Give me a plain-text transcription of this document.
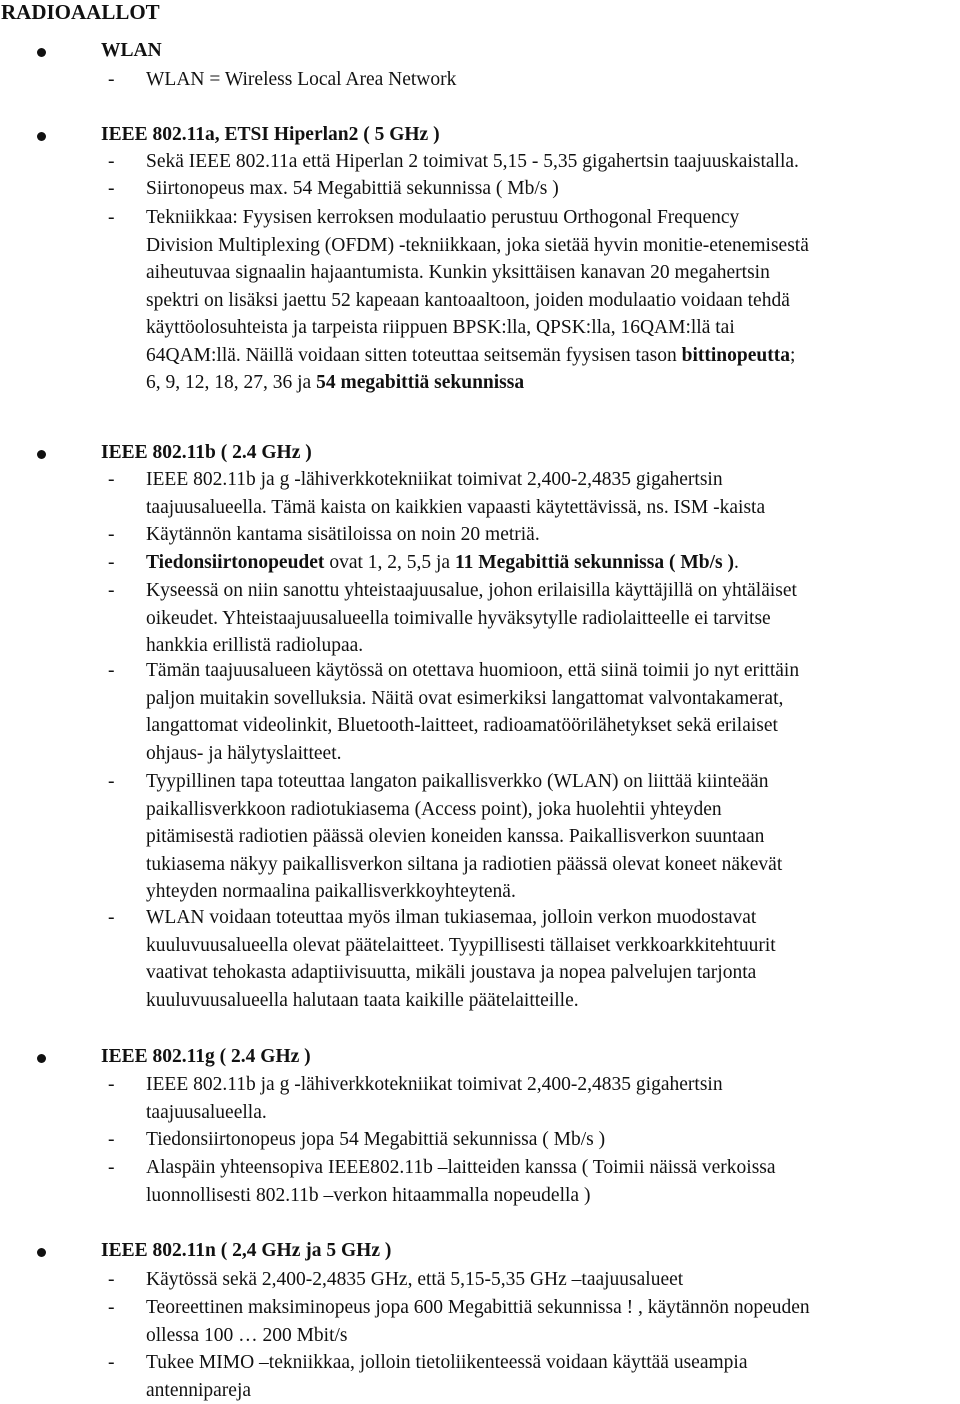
RADIOAALLOT
WLAN
- WLAN = Wireless Local Area Network
IEEE 802.11a, ETSI Hiperlan2 ( 5 GHz )
- Sekä IEEE 802.11a että Hiperlan 2 toimivat 5,15 - 5,35 gigahertsin taajuuskaistalla.
- Siirtonopeus max. 54 Megabittiä sekunnissa ( Mb/s )
- Tekniikkaa: Fyysisen kerroksen modulaatio perustuu Orthogonal Frequency
Division Multiplexing (OFDM) -tekniikkaan, joka sietää hyvin monitie-etenemisestä
aiheutuvaa signaalin hajaantumista. Kunkin yksittäisen kanavan 20 megahertsin
spektri on lisäksi jaettu 52 kapeaan kantoaaltoon, joiden modulaatio voidaan tehdä
käyttöolosuhteista ja tarpeista riippuen BPSK:lla, QPSK:lla, 16QAM:llä tai
64QAM:llä. Näillä voidaan sitten toteuttaa seitsemän fyysisen tason bittinopeutta;
6, 9, 12, 18, 27, 36 ja 54 megabittiä sekunnissa
IEEE 802.11b ( 2.4 GHz )
- IEEE 802.11b ja g -lähiverkkotekniikat toimivat 2,400-2,4835 gigahertsin
taajuusalueella. Tämä kaista on kaikkien vapaasti käytettävissä, ns. ISM -kaista
- Käytännön kantama sisätiloissa on noin 20 metriä.
- Tiedonsiirtonopeudet ovat 1, 2, 5,5 ja 11 Megabittiä sekunnissa ( Mb/s ).
- Kyseessä on niin sanottu yhteistaajuusalue, johon erilaisilla käyttäjillä on yhtäläiset
oikeudet. Yhteistaajuusalueella toimivalle hyväksytylle radiolaitteelle ei tarvitse
hankkia erillistä radiolupaa.
- Tämän taajuusalueen käytössä on otettava huomioon, että siinä toimii jo nyt erittäin
paljon muitakin sovelluksia. Näitä ovat esimerkiksi langattomat valvontakamerat,
langattomat videolinkit, Bluetooth-laitteet, radioamatöörilähetykset sekä erilaiset
ohjaus- ja hälytyslaitteet.
- Tyypillinen tapa toteuttaa langaton paikallisverkko (WLAN) on liittää kiinteään
paikallisverkkoon radiotukiasema (Access point), joka huolehtii yhteyden
pitämisestä radiotien päässä olevien koneiden kanssa. Paikallisverkon suuntaan
tukiasema näkyy paikallisverkon siltana ja radiotien päässä olevat koneet näkevät
yhteyden normaalina paikallisverkkoyhteytenä.
- WLAN voidaan toteuttaa myös ilman tukiasemaa, jolloin verkon muodostavat
kuuluvuusalueella olevat päätelaitteet. Tyypillisesti tällaiset verkkoarkkitehtuurit
vaativat tehokasta adaptiivisuutta, mikäli joustava ja nopea palvelujen tarjonta
kuuluvuusalueella halutaan taata kaikille päätelaitteille.
IEEE 802.11g ( 2.4 GHz )
- IEEE 802.11b ja g -lähiverkkotekniikat toimivat 2,400-2,4835 gigahertsin
taajuusalueella.
- Tiedonsiirtonopeus jopa 54 Megabittiä sekunnissa ( Mb/s )
- Alaspäin yhteensopiva IEEE802.11b –laitteiden kanssa ( Toimii näissä verkoissa
luonnollisesti 802.11b –verkon hitaammalla nopeudella )
IEEE 802.11n ( 2,4 GHz ja 5 GHz )
- Käytössä sekä 2,400-2,4835 GHz, että 5,15-5,35 GHz –taajuusalueet
- Teoreettinen maksiminopeus jopa 600 Megabittiä sekunnissa ! , käytännön nopeuden
ollessa 100 … 200 Mbit/s
- Tukee MIMO –tekniikkaa, jolloin tietoliikenteessä voidaan käyttää useampia
antennipareja
